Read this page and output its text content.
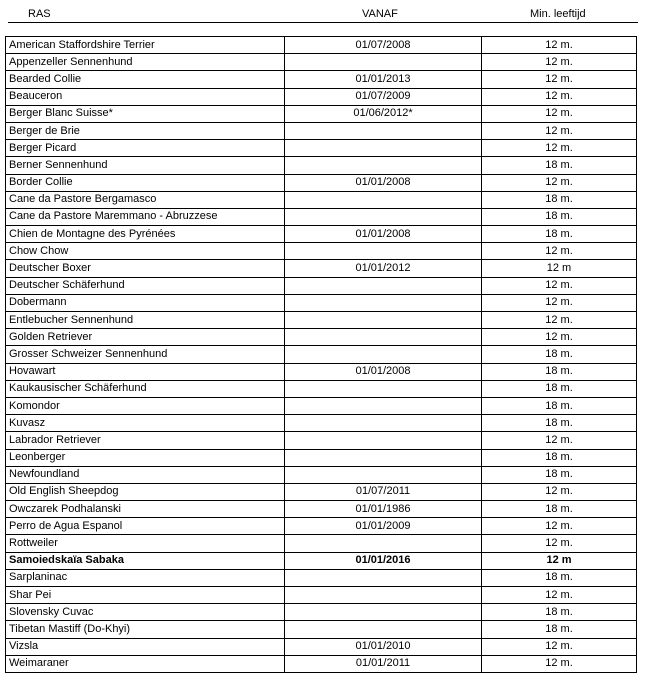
RAS	VANAF	Min. leeftijd
American Staffordshire Terrier	01/07/2008	12 m.
Appenzeller Sennenhund		12 m.
Bearded Collie	01/01/2013	12 m.
Beauceron	01/07/2009	12 m.
Berger Blanc Suisse*	01/06/2012*	12 m.
Berger de Brie		12 m.
Berger Picard		12 m.
Berner Sennenhund		18 m.
Border Collie	01/01/2008	12 m.
Cane da Pastore Bergamasco		18 m.
Cane da Pastore Maremmano - Abruzzese		18 m.
Chien de Montagne des Pyrénées	01/01/2008	18 m.
Chow Chow		12 m.
Deutscher Boxer	01/01/2012	12 m
Deutscher Schäferhund		12 m.
Dobermann		12 m.
Entlebucher Sennenhund		12 m.
Golden Retriever		12 m.
Grosser Schweizer Sennenhund		18 m.
Hovawart	01/01/2008	18 m.
Kaukausischer Schäferhund		18 m.
Komondor		18 m.
Kuvasz		18 m.
Labrador Retriever		12 m.
Leonberger		18 m.
Newfoundland		18 m.
Old English Sheepdog	01/07/2011	12 m.
Owczarek Podhalanski	01/01/1986	18 m.
Perro de Agua Espanol	01/01/2009	12 m.
Rottweiler		12 m.
Samoiedskaïa Sabaka	01/01/2016	12 m
Sarplaninac		18 m.
Shar Pei		12 m.
Slovensky Cuvac		18 m.
Tibetan Mastiff (Do-Khyi)		18 m.
Vizsla	01/01/2010	12 m.
Weimaraner	01/01/2011	12 m.
